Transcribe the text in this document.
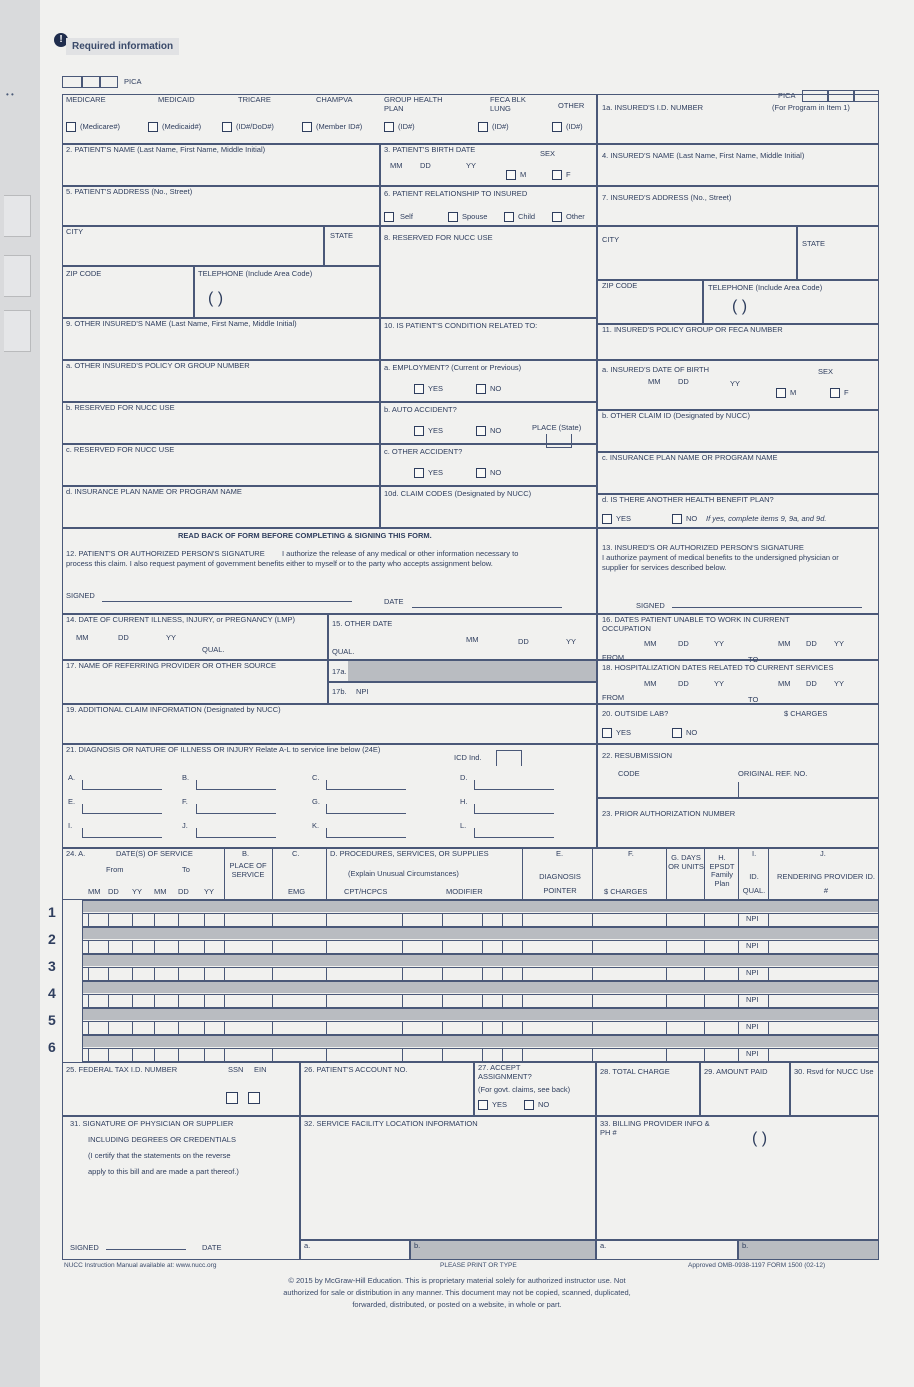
• •
!
Required information
PICA
PICA
MEDICARE	MEDICAID	TRICARE	CHAMPVA	GROUP HEALTH PLAN
FECA BLK LUNG	OTHER
(Medicare#)	(Medicaid#)	(ID#/DoD#)	(Member ID#)	(ID#)	(ID#)	(ID#)
1a. INSURED'S I.D. NUMBER	(For Program in Item 1)
2. PATIENT'S NAME (Last Name, First Name, Middle Initial)	3. PATIENT'S BIRTH DATE
MM DD	YY
SEX
M	F
4. INSURED'S NAME (Last Name, First Name, Middle Initial)
5. PATIENT'S ADDRESS (No., Street)	6. PATIENT RELATIONSHIP TO INSURED
Self	Spouse	Child	Other
7. INSURED'S ADDRESS (No., Street)
CITY	STATE	8. RESERVED FOR NUCC USE	CITY	STATE
ZIP CODE	TELEPHONE (Include Area Code)
( )
ZIP CODE	TELEPHONE (Include Area Code)
( )
9. OTHER INSURED'S NAME (Last Name, First Name, Middle Initial)	10. IS PATIENT'S CONDITION RELATED TO:	11. INSURED'S POLICY GROUP OR FECA NUMBER
a. OTHER INSURED'S POLICY OR GROUP NUMBER	a. EMPLOYMENT? (Current or Previous)
YES	NO
a. INSURED'S DATE OF BIRTH
MM DD	YY
SEX
M	F
b. RESERVED FOR NUCC USE	b. AUTO ACCIDENT?
YES	NO	PLACE (State)
b. OTHER CLAIM ID (Designated by NUCC)
c. RESERVED FOR NUCC USE	c. OTHER ACCIDENT?
YES	NO
c. INSURANCE PLAN NAME OR PROGRAM NAME
d. INSURANCE PLAN NAME OR PROGRAM NAME	10d. CLAIM CODES (Designated by NUCC)
d. IS THERE ANOTHER HEALTH BENEFIT PLAN?
YES	NO If yes, complete items 9, 9a, and 9d.
READ BACK OF FORM BEFORE COMPLETING & SIGNING THIS FORM.
12. PATIENT'S OR AUTHORIZED PERSON'S SIGNATURE I authorize the release of any medical or other information necessary to
process this claim. I also request payment of government benefits either to myself or to the party who accepts assignment below.
SIGNED
DATE
13. INSURED'S OR AUTHORIZED PERSON'S SIGNATURE
I authorize payment of medical benefits to the undersigned physician or
supplier for services described below.
SIGNED
14. DATE OF CURRENT ILLNESS, INJURY, or PREGNANCY (LMP)
MM	DD	YY
QUAL.
15. OTHER DATE
QUAL.
MM	DD	YY
16. DATES PATIENT UNABLE TO WORK IN CURRENT OCCUPATION
MM	DD	YY
FROM	TO
MM DD YY
17. NAME OF REFERRING PROVIDER OR OTHER SOURCE
17a.
17b. NPI
18. HOSPITALIZATION DATES RELATED TO CURRENT SERVICES
MM	DD	YY
FROM	TO
MM DD YY
19. ADDITIONAL CLAIM INFORMATION (Designated by NUCC)	20. OUTSIDE LAB?	$ CHARGES
YES	NO
21. DIAGNOSIS OR NATURE OF ILLNESS OR INJURY Relate A-L to service line below (24E)
ICD Ind.
A.	B.	C.	D.
E.	F.	G.	H.
I.	J.	K.	L.
22. RESUBMISSION
CODE	ORIGINAL REF. NO.
23. PRIOR AUTHORIZATION NUMBER
24. A.	DATE(S) OF SERVICE
From	To
MM DD YY MM DD YY
B.
PLACE OF SERVICE
C.
EMG
D. PROCEDURES, SERVICES, OR SUPPLIES
(Explain Unusual Circumstances)
CPT/HCPCS	MODIFIER
E.
DIAGNOSIS POINTER
F.
$ CHARGES
G. DAYS OR UNITS
H. EPSDT Family Plan
I.
ID. QUAL.
J.
RENDERING PROVIDER ID. #
1	NPI
2	NPI
3	NPI
4	NPI
5	NPI
6	NPI
25. FEDERAL TAX I.D. NUMBER	SSN EIN	26. PATIENT'S ACCOUNT NO.	27. ACCEPT ASSIGNMENT?
(For govt. claims, see back)
YES	NO
28. TOTAL CHARGE	29. AMOUNT PAID	30. Rsvd for NUCC Use
31. SIGNATURE OF PHYSICIAN OR SUPPLIER
INCLUDING DEGREES OR CREDENTIALS
(I certify that the statements on the reverse
apply to this bill and are made a part thereof.)
SIGNED	DATE
32. SERVICE FACILITY LOCATION INFORMATION
a.	b.
33. BILLING PROVIDER INFO & PH #	( )
a.	b.
NUCC Instruction Manual available at: www.nucc.org	PLEASE PRINT OR TYPE	Approved OMB-0938-1197 FORM 1500 (02-12)
© 2015 by McGraw-Hill Education. This is proprietary material solely for authorized instructor use. Not
authorized for sale or distribution in any manner. This document may not be copied, scanned, duplicated,
forwarded, distributed, or posted on a website, in whole or part.
